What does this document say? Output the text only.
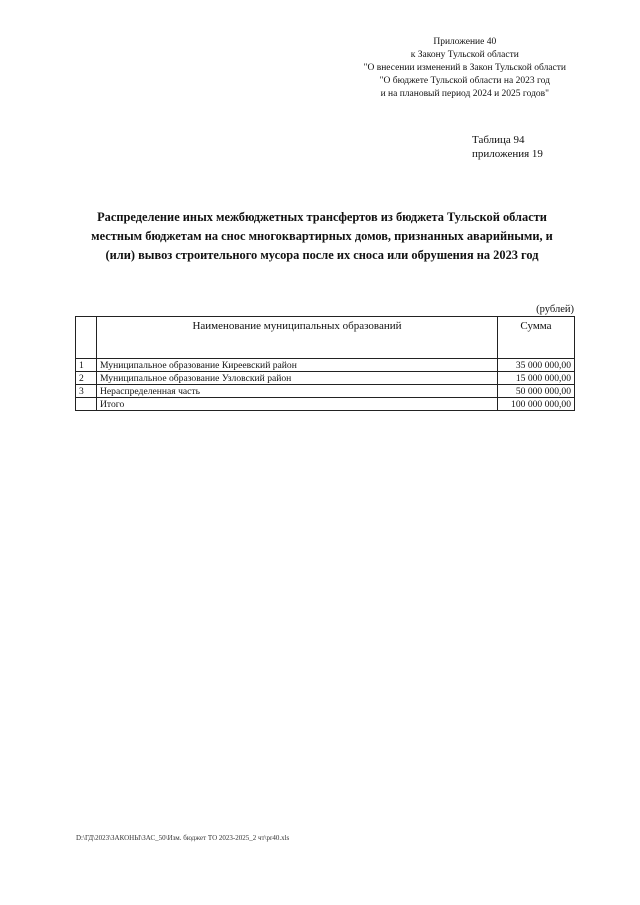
Приложение 40
к Закону Тульской области
"О внесении изменений в Закон Тульской области
"О бюджете Тульской области на 2023 год
и на плановый период 2024 и 2025 годов"
Таблица 94
приложения 19
Распределение иных межбюджетных трансфертов из бюджета Тульской области местным бюджетам на снос многоквартирных домов, признанных аварийными, и (или) вывоз строительного мусора после их сноса или обрушения на 2023 год
(рублей)
	Наименование муниципальных образований	Сумма
1	Муниципальное образование Киреевский район	35 000 000,00
2	Муниципальное образование Узловский район	15 000 000,00
3	Нераспределенная часть	50 000 000,00
	Итого	100 000 000,00
D:\ГД\2023\ЗАКОНЫ\ЗАС_50\Изм. бюджет ТО 2023-2025_2 чт\pr40.xls
